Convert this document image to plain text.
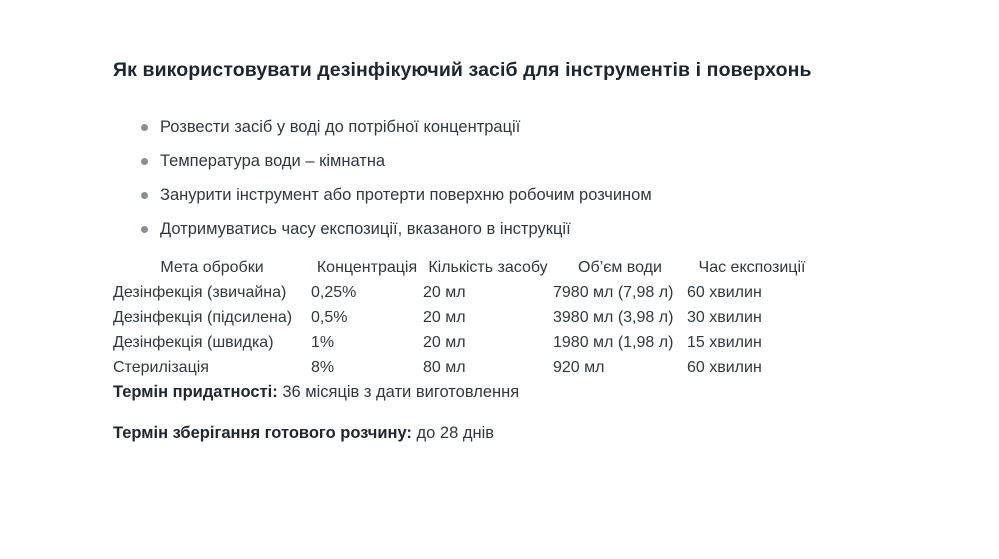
Як використовувати дезінфікуючий засіб для інструментів і поверхонь
Розвести засіб у воді до потрібної концентрації
Температура води – кімнатна
Занурити інструмент або протерти поверхню робочим розчином
Дотримуватись часу експозиції, вказаного в інструкції
Мета обробки	Концентрація	Кількість засобу	Об’єм води	Час експозиції
Дезінфекція (звичайна)	0,25%	20 мл	7980 мл (7,98 л)	60 хвилин
Дезінфекція (підсилена)	0,5%	20 мл	3980 мл (3,98 л)	30 хвилин
Дезінфекція (швидка)	1%	20 мл	1980 мл (1,98 л)	15 хвилин
Стерилізація	8%	80 мл	920 мл	60 хвилин

Термін придатності: 36 місяців з дати виготовлення

Термін зберігання готового розчину: до 28 днів
